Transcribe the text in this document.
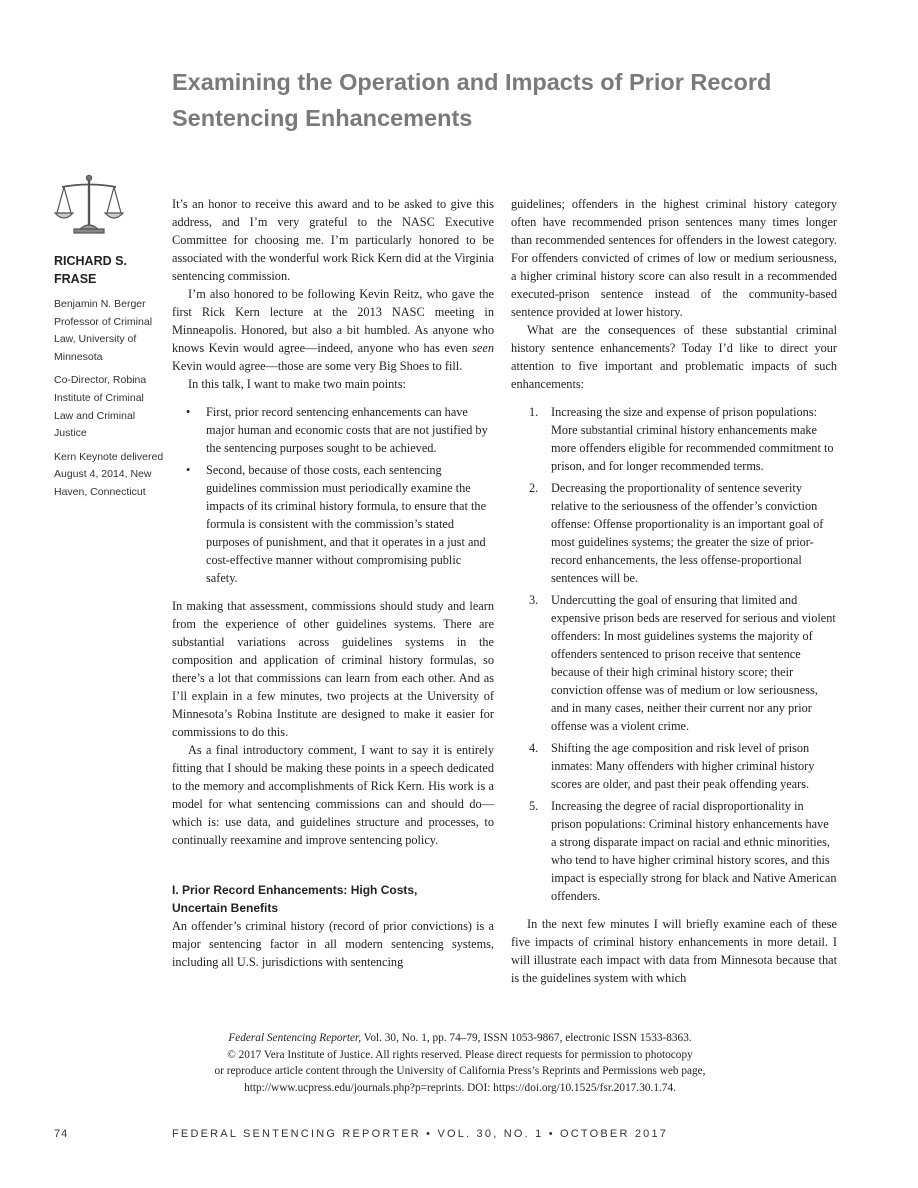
Examining the Operation and Impacts of Prior Record
Sentencing Enhancements

RICHARD S.
FRASE

Benjamin N. Berger Professor of Criminal Law, University of Minnesota

Co-Director, Robina Institute of Criminal Law and Criminal Justice

Kern Keynote delivered August 4, 2014, New Haven, Connecticut

It’s an honor to receive this award and to be asked to give this address, and I’m very grateful to the NASC Executive Committee for choosing me. I’m particularly honored to be associated with the wonderful work Rick Kern did at the Virginia sentencing commission.

I’m also honored to be following Kevin Reitz, who gave the first Rick Kern lecture at the 2013 NASC meeting in Minneapolis. Honored, but also a bit humbled. As anyone who knows Kevin would agree—indeed, anyone who has even seen Kevin would agree—those are some very Big Shoes to fill.

In this talk, I want to make two main points:

• First, prior record sentencing enhancements can have major human and economic costs that are not justified by the sentencing purposes sought to be achieved.
• Second, because of those costs, each sentencing guidelines commission must periodically examine the impacts of its criminal history formula, to ensure that the formula is consistent with the commission’s stated purposes of punishment, and that it operates in a just and cost-effective manner without compromising public safety.

In making that assessment, commissions should study and learn from the experience of other guidelines systems. There are substantial variations across guidelines systems in the composition and application of criminal history formulas, so there’s a lot that commissions can learn from each other. And as I’ll explain in a few minutes, two projects at the University of Minnesota’s Robina Institute are designed to make it easier for commissions to do this.

As a final introductory comment, I want to say it is entirely fitting that I should be making these points in a speech dedicated to the memory and accomplishments of Rick Kern. His work is a model for what sentencing commissions can and should do—which is: use data, and guidelines structure and processes, to continually reexamine and improve sentencing policy.

I. Prior Record Enhancements: High Costs,
Uncertain Benefits

An offender’s criminal history (record of prior convictions) is a major sentencing factor in all modern sentencing systems, including all U.S. jurisdictions with sentencing

guidelines; offenders in the highest criminal history category often have recommended prison sentences many times longer than recommended sentences for offenders in the lowest category. For offenders convicted of crimes of low or medium seriousness, a higher criminal history score can also result in a recommended executed-prison sentence instead of the community-based sentence provided at lower history.

What are the consequences of these substantial criminal history sentence enhancements? Today I’d like to direct your attention to five important and problematic impacts of such enhancements:

1. Increasing the size and expense of prison populations: More substantial criminal history enhancements make more offenders eligible for recommended commitment to prison, and for longer recommended terms.
2. Decreasing the proportionality of sentence severity relative to the seriousness of the offender’s conviction offense: Offense proportionality is an important goal of most guidelines systems; the greater the size of prior-record enhancements, the less offense-proportional sentences will be.
3. Undercutting the goal of ensuring that limited and expensive prison beds are reserved for serious and violent offenders: In most guidelines systems the majority of offenders sentenced to prison receive that sentence because of their high criminal history score; their conviction offense was of medium or low seriousness, and in many cases, neither their current nor any prior offense was a violent crime.
4. Shifting the age composition and risk level of prison inmates: Many offenders with higher criminal history scores are older, and past their peak offending years.
5. Increasing the degree of racial disproportionality in prison populations: Criminal history enhancements have a strong disparate impact on racial and ethnic minorities, who tend to have higher criminal history scores, and this impact is especially strong for black and Native American offenders.

In the next few minutes I will briefly examine each of these five impacts of criminal history enhancements in more detail. I will illustrate each impact with data from Minnesota because that is the guidelines system with which

Federal Sentencing Reporter, Vol. 30, No. 1, pp. 74–79, ISSN 1053-9867, electronic ISSN 1533-8363.
© 2017 Vera Institute of Justice. All rights reserved. Please direct requests for permission to photocopy
or reproduce article content through the University of California Press’s Reprints and Permissions web page,
http://www.ucpress.edu/journals.php?p=reprints. DOI: https://doi.org/10.1525/fsr.2017.30.1.74.
74	FEDERAL SENTENCING REPORTER • VOL. 30, NO. 1 • OCTOBER 2017
